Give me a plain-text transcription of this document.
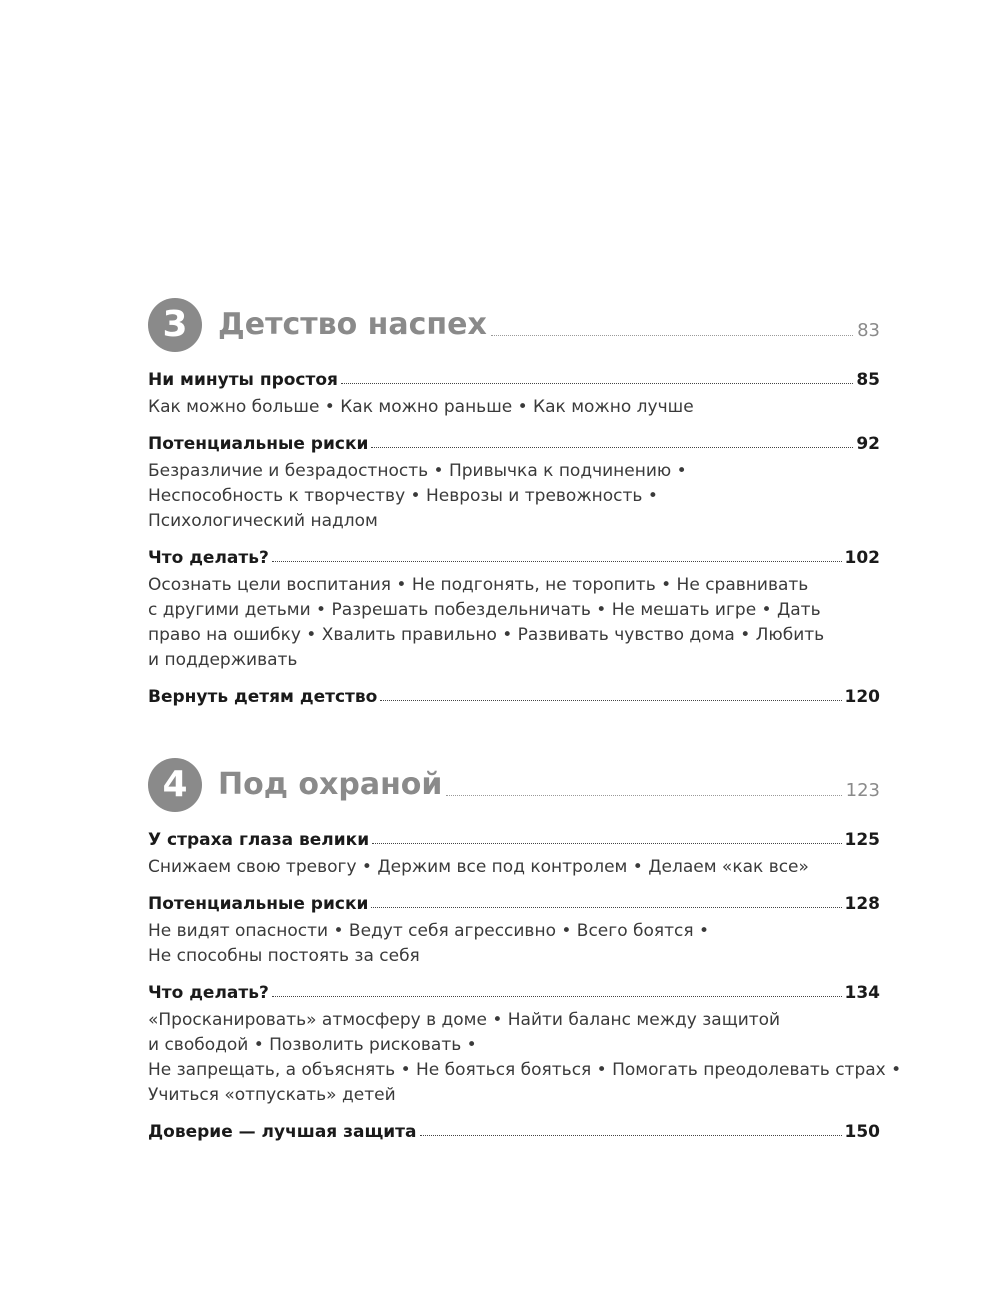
3	Детство наспех	83
Ни минуты простоя	85
Как можно больше • Как можно раньше • Как можно лучше
Потенциальные риски	92
Безразличие и безрадостность • Привычка к подчинению •
Неспособность к творчеству • Неврозы и тревожность •
Психологический надлом
Что делать?	102
Осознать цели воспитания • Не подгонять, не торопить • Не сравнивать
с другими детьми • Разрешать побездельничать • Не мешать игре • Дать
право на ошибку • Хвалить правильно • Развивать чувство дома • Любить
и поддерживать
Вернуть детям детство	120
4	Под охраной	123
У страха глаза велики	125
Снижаем свою тревогу • Держим все под контролем • Делаем «как все»
Потенциальные риски	128
Не видят опасности • Ведут себя агрессивно • Всего боятся •
Не способны постоять за себя
Что делать?	134
«Просканировать» атмосферу в доме • Найти баланс между защитой
и свободой • Позволить рисковать •
Не запрещать, а объяснять • Не бояться бояться • Помогать преодолевать страх •
Учиться «отпускать» детей
Доверие — лучшая защита	150
